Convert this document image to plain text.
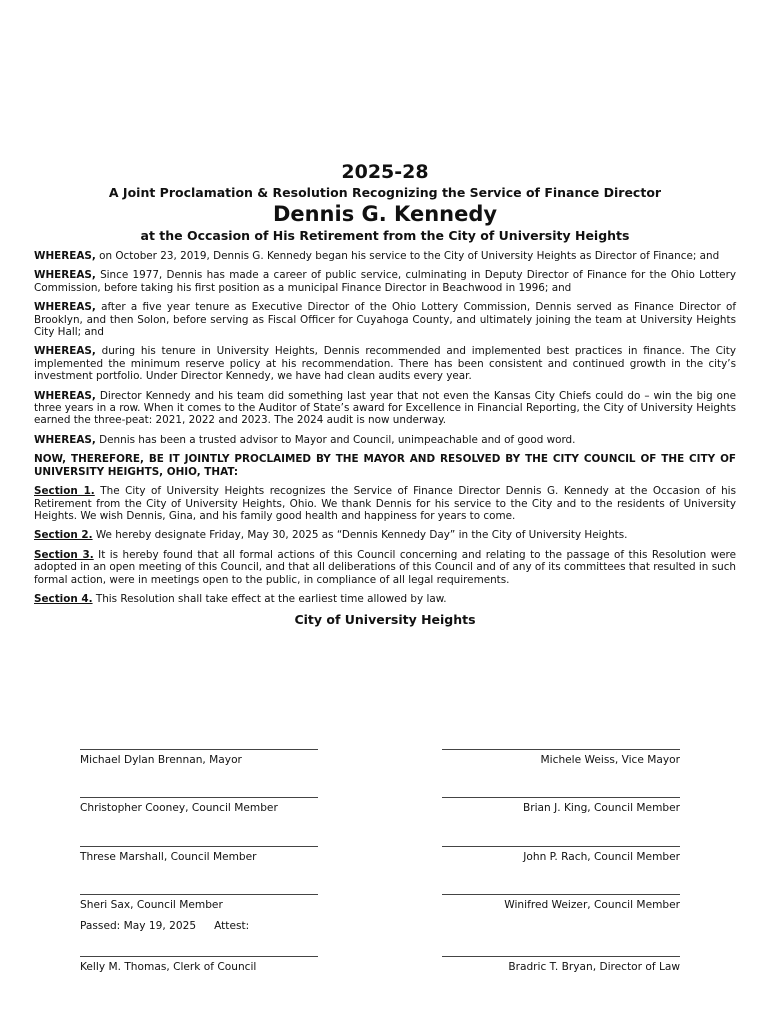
2025-28

A Joint Proclamation & Resolution Recognizing the Service of Finance Director

Dennis G. Kennedy

at the Occasion of His Retirement from the City of University Heights

WHEREAS, on October 23, 2019, Dennis G. Kennedy began his service to the City of University Heights as Director of Finance; and

WHEREAS, Since 1977, Dennis has made a career of public service, culminating in Deputy Director of Finance for the Ohio Lottery Commission, before taking his first position as a municipal Finance Director in Beachwood in 1996; and

WHEREAS, after a five year tenure as Executive Director of the Ohio Lottery Commission, Dennis served as Finance Director of Brooklyn, and then Solon, before serving as Fiscal Officer for Cuyahoga County, and ultimately joining the team at University Heights City Hall; and

WHEREAS, during his tenure in University Heights, Dennis recommended and implemented best practices in finance. The City implemented the minimum reserve policy at his recommendation. There has been consistent and continued growth in the city’s investment portfolio. Under Director Kennedy, we have had clean audits every year.

WHEREAS, Director Kennedy and his team did something last year that not even the Kansas City Chiefs could do – win the big one three years in a row. When it comes to the Auditor of State’s award for Excellence in Financial Reporting, the City of University Heights earned the three-peat: 2021, 2022 and 2023. The 2024 audit is now underway.

WHEREAS, Dennis has been a trusted advisor to Mayor and Council, unimpeachable and of good word.

NOW, THEREFORE, BE IT JOINTLY PROCLAIMED BY THE MAYOR AND RESOLVED BY THE CITY COUNCIL OF THE CITY OF UNIVERSITY HEIGHTS, OHIO, THAT:

Section 1. The City of University Heights recognizes the Service of Finance Director Dennis G. Kennedy at the Occasion of his Retirement from the City of University Heights, Ohio. We thank Dennis for his service to the City and to the residents of University Heights. We wish Dennis, Gina, and his family good health and happiness for years to come.

Section 2. We hereby designate Friday, May 30, 2025 as “Dennis Kennedy Day” in the City of University Heights.

Section 3. It is hereby found that all formal actions of this Council concerning and relating to the passage of this Resolution were adopted in an open meeting of this Council, and that all deliberations of this Council and of any of its committees that resulted in such formal action, were in meetings open to the public, in compliance of all legal requirements.

Section 4. This Resolution shall take effect at the earliest time allowed by law.

City of University Heights

Michael Dylan Brennan, Mayor	Michele Weiss, Vice Mayor
Christopher Cooney, Council Member	Brian J. King, Council Member
Threse Marshall, Council Member	John P. Rach, Council Member
Sheri Sax, Council Member	Winifred Weizer, Council Member
Passed: May 19, 2025 Attest:
Kelly M. Thomas, Clerk of Council	Bradric T. Bryan, Director of Law
